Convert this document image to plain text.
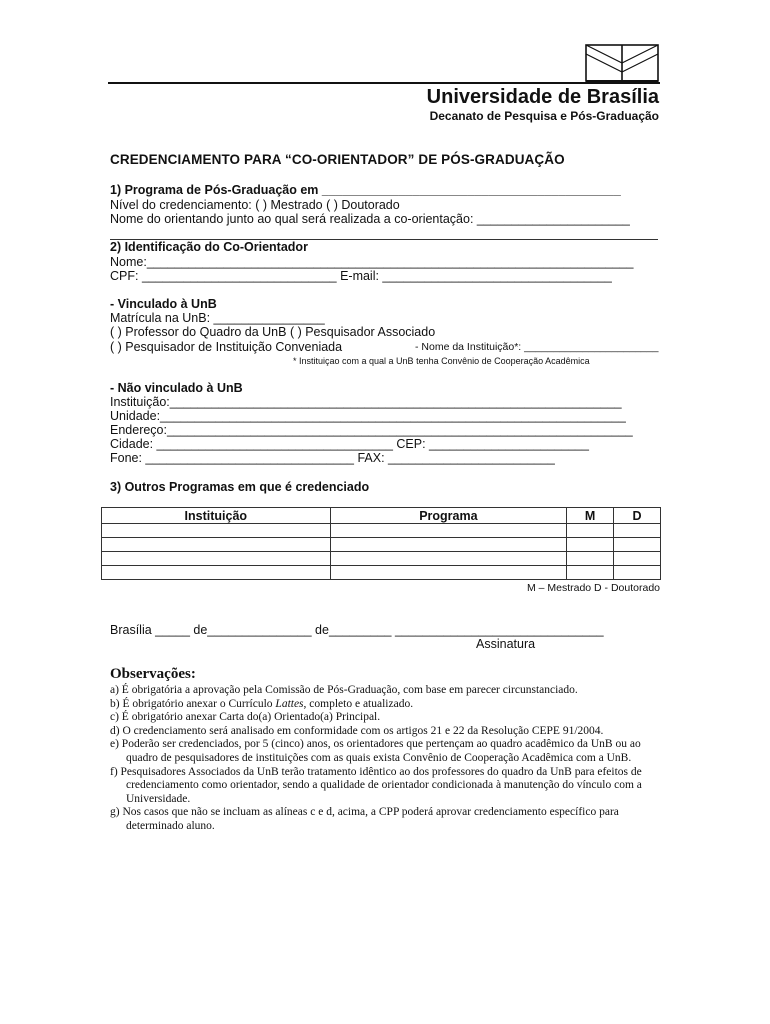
Universidade de Brasília
Decanato de Pesquisa e Pós-Graduação
CREDENCIAMENTO PARA “CO-ORIENTADOR” DE PÓS-GRADUAÇÃO
1) Programa de Pós-Graduação em ___________________________________________
Nível do credenciamento: ( ) Mestrado ( ) Doutorado
Nome do orientando junto ao qual será realizada a co-orientação: ______________________
2) Identificação do Co-Orientador
Nome:______________________________________________________________________
CPF: ____________________________ E-mail: _________________________________
- Vinculado à UnB
Matrícula na UnB: ________________
( ) Professor do Quadro da UnB ( ) Pesquisador Associado
( ) Pesquisador de Instituição Conveniada	- Nome da Instituição*: _______________________
* Instituiçao com a qual a UnB tenha Convênio de Cooperação Acadêmica
- Não vinculado à UnB
Instituição:_________________________________________________________________
Unidade:___________________________________________________________________
Endereço:___________________________________________________________________
Cidade: __________________________________ CEP: _______________________
Fone: ______________________________ FAX: ________________________
3) Outros Programas em que é credenciado
Instituição	Programa	M	D

M – Mestrado D - Doutorado
Brasília _____ de_______________ de_________ ______________________________
Assinatura
Observações:

a) É obrigatória a aprovação pela Comissão de Pós-Graduação, com base em parecer circunstanciado.

b) É obrigatório anexar o Currículo Lattes, completo e atualizado.

c) É obrigatório anexar Carta do(a) Orientado(a) Principal.

d) O credenciamento será analisado em conformidade com os artigos 21 e 22 da Resolução CEPE 91/2004.

e) Poderão ser credenciados, por 5 (cinco) anos, os orientadores que pertençam ao quadro acadêmico da UnB ou ao quadro de pesquisadores de instituições com as quais exista Convênio de Cooperação Acadêmica com a UnB.

f) Pesquisadores Associados da UnB terão tratamento idêntico ao dos professores do quadro da UnB para efeitos de credenciamento como orientador, sendo a qualidade de orientador condicionada à manutenção do vínculo com a Universidade.

g) Nos casos que não se incluam as alíneas c e d, acima, a CPP poderá aprovar credenciamento específico para determinado aluno.
